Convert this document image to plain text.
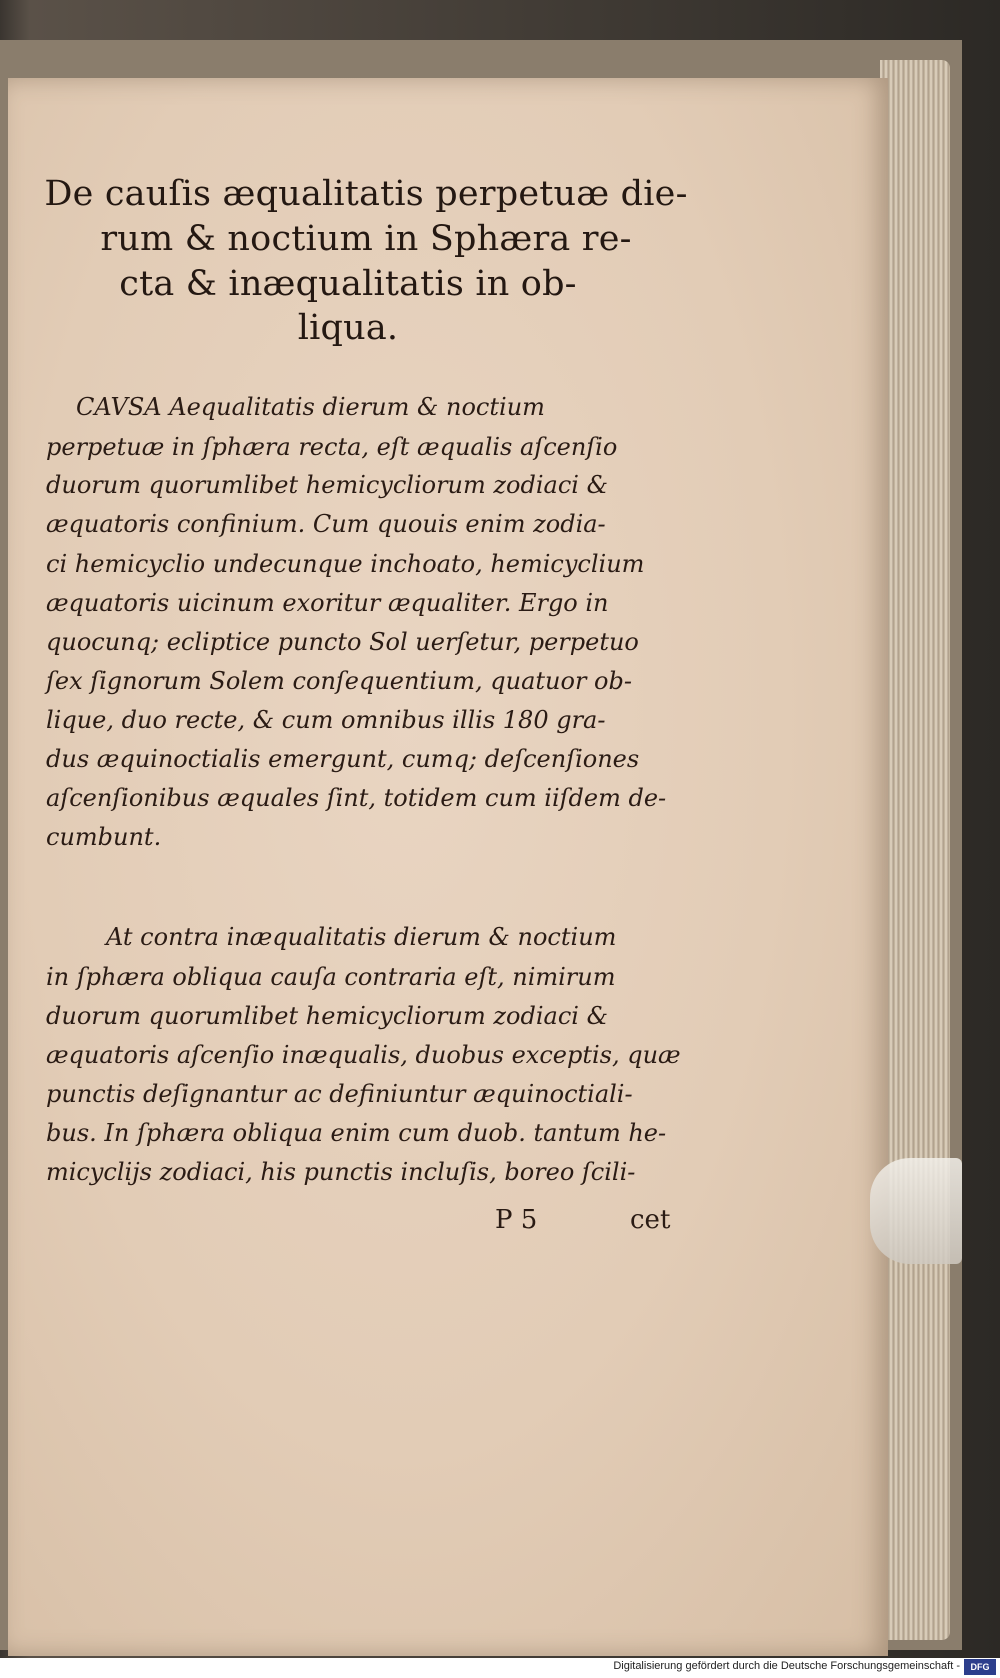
De cauſis æqualitatis perpetuæ die-
rum & noctium in Sphæra re-
cta & inæqualitatis in ob-
liqua.
CAVSA Aequalitatis dierum & noctium
perpetuæ in ſphæra recta, eſt æqualis aſcenſio
duorum quorumlibet hemicycliorum zodiaci &
æquatoris confinium. Cum quouis enim zodia-
ci hemicyclio undecunque inchoato, hemicyclium
æquatoris uicinum exoritur æqualiter. Ergo in
quocunq; ecliptice puncto Sol uerſetur, perpetuo
ſex ſignorum Solem conſequentium, quatuor ob-
lique, duo recte, & cum omnibus illis 180 gra-
dus æquinoctialis emergunt, cumq; deſcenſiones
aſcenſionibus æquales ſint, totidem cum iiſdem de-
cumbunt.
At contra inæqualitatis dierum & noctium
in ſphæra obliqua cauſa contraria eſt, nimirum
duorum quorumlibet hemicycliorum zodiaci &
æquatoris aſcenſio inæqualis, duobus exceptis, quæ
punctis deſignantur ac definiuntur æquinoctiali-
bus. In ſphæra obliqua enim cum duob. tantum he-
micyclijs zodiaci, his punctis incluſis, boreo ſcili-
P 5	cet
Digitalisierung gefördert durch die Deutsche Forschungsgemeinschaft -	DFG
